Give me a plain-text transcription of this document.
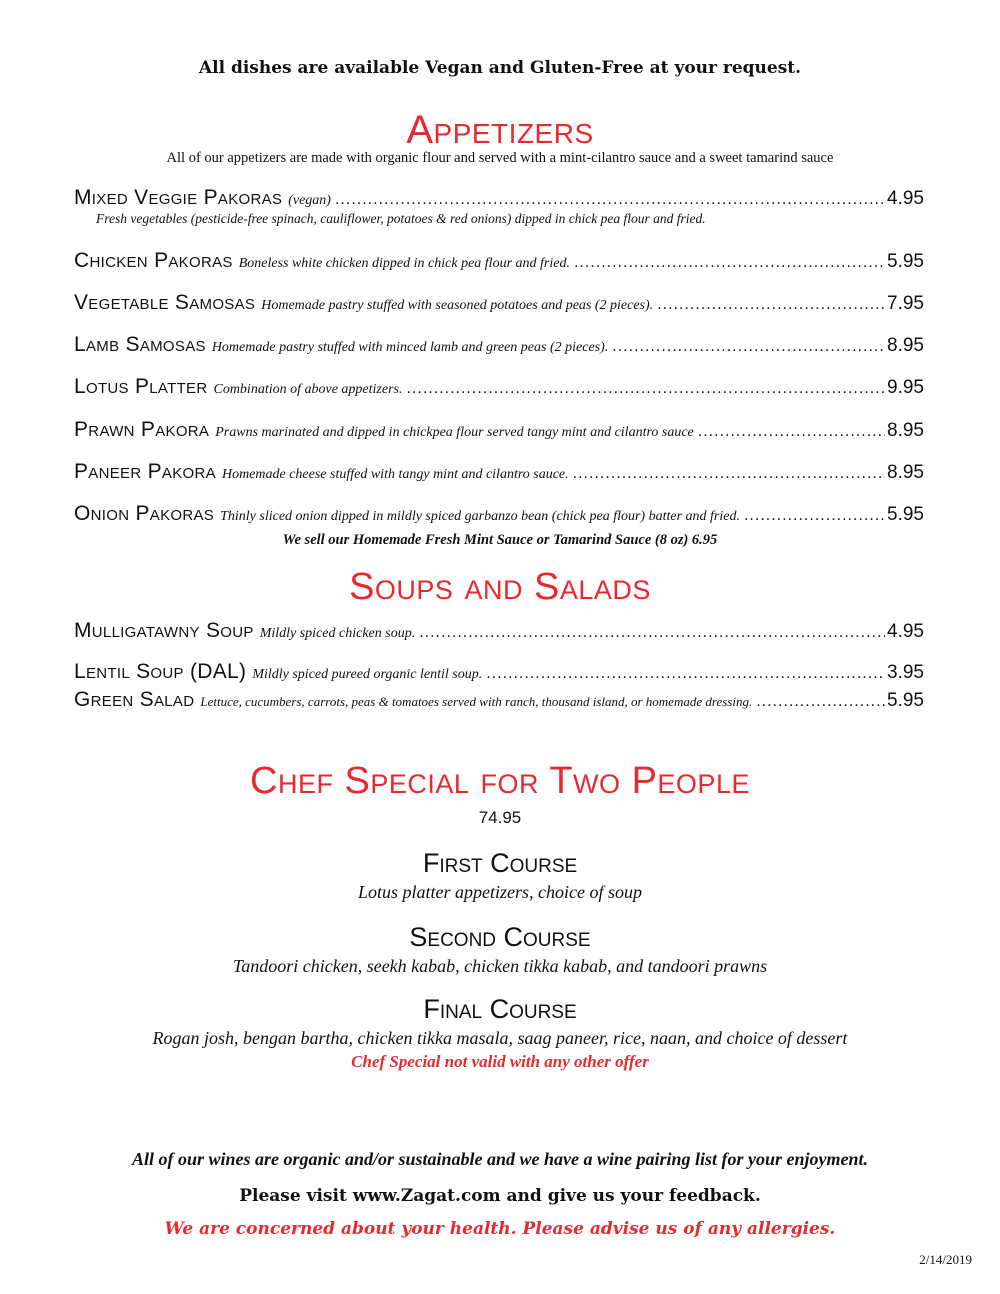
All dishes are available Vegan and Gluten-Free at your request.
Appetizers
All of our appetizers are made with organic flour and served with a mint-cilantro sauce and a sweet tamarind sauce
Mixed Veggie Pakoras (vegan) .....	4.95
Fresh vegetables (pesticide-free spinach, cauliflower, potatoes & red onions) dipped in chick pea flour and fried.
Chicken Pakoras Boneless white chicken dipped in chick pea flour and fried. .....	5.95
Vegetable Samosas Homemade pastry stuffed with seasoned potatoes and peas (2 pieces). .....	7.95
Lamb Samosas Homemade pastry stuffed with minced lamb and green peas (2 pieces). .....	8.95
Lotus Platter Combination of above appetizers. .....	9.95
Prawn Pakora Prawns marinated and dipped in chickpea flour served tangy mint and cilantro sauce .....	8.95
Paneer Pakora Homemade cheese stuffed with tangy mint and cilantro sauce. .....	8.95
Onion Pakoras Thinly sliced onion dipped in mildly spiced garbanzo bean (chick pea flour) batter and fried. .....	5.95
We sell our Homemade Fresh Mint Sauce or Tamarind Sauce (8 oz) 6.95
Soups and Salads
Mulligatawny Soup Mildly spiced chicken soup. .....	4.95
Lentil Soup (DAL) Mildly spiced pureed organic lentil soup. .....	3.95
Green Salad Lettuce, cucumbers, carrots, peas & tomatoes served with ranch, thousand island, or homemade dressing. .....	5.95
Chef Special for Two People
74.95
First Course
Lotus platter appetizers, choice of soup
Second Course
Tandoori chicken, seekh kabab, chicken tikka kabab, and tandoori prawns
Final Course
Rogan josh, bengan bartha, chicken tikka masala, saag paneer, rice, naan, and choice of dessert
Chef Special not valid with any other offer
All of our wines are organic and/or sustainable and we have a wine pairing list for your enjoyment.
Please visit www.Zagat.com and give us your feedback.
We are concerned about your health. Please advise us of any allergies.
2/14/2019
